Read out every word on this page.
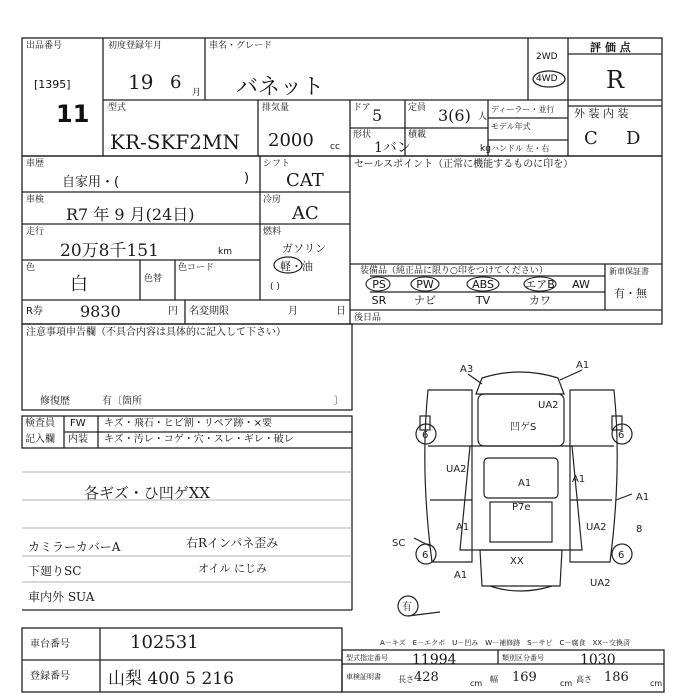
出品番号
[1395]
11
初度登録年月
19 6 月
車名・グレード
バネット
2WD
4WD
評 価 点
R
外 装 内 装
C D
型式
KR-SKF2MN
排気量
2000 cc
ドア 5
形状
1バン
定員 3(6) 人
積載
kg
ディーラー・並行
モデル年式
ハンドル 左・右
車歴
自家用・(	)
シフト
CAT
車検
R7 年 9 月(24日)
冷房
AC
走行
20万8千151	km
燃料
ガソリン
軽・油
( )
色
白	色替
色コード
R券 9830	円 名変期限	月	日
セールスポイント（正常に機能するものに印を）
装備品（純正品に限り○印をつけてください）	新車保証書
PS	PW	ABS	エアB	AW
SR	ナビ	TV	カワ
有・無
後日品
注意事項申告欄（不具合内容は具体的に記入して下さい）
修復歴	有〔箇所	〕
検査員
記入欄
FW
内装
キズ・飛石・ヒビ割・リペア跡・×要
キズ・汚レ・コゲ・穴・スレ・ギレ・破レ
各ギズ・ひ凹ゲXX
カミラーカバーA	右Rインパネ歪み
下廻りSC	オイル にじみ
車内外 SUA
A3	A1
UA2
凹ゲS
6	6
UA2
A1
A1
A1
P7e
A1	UA2	8
SC
6	6
XX
A1
UA2
有
A－キズ　E－エクボ　U－凹み　W－補修跡　S－サビ　C－腐食　XX－交換済
車台番号	102531
登録番号 山梨 400 5 216
型式指定番号 11994	類別区分番号	1030
車検証明書 長さ 428	cm 幅 169	cm 高さ 186	cm
